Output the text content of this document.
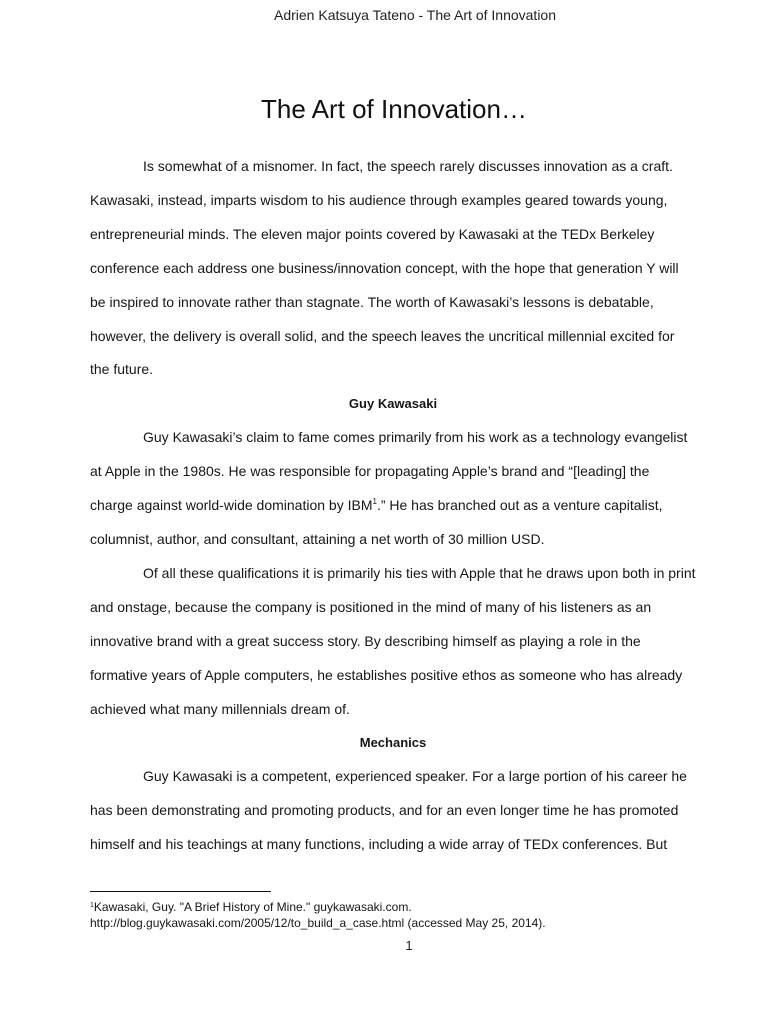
Adrien Katsuya Tateno - The Art of Innovation
The Art of Innovation…

Is somewhat of a misnomer. In fact, the speech rarely discusses innovation as a craft. Kawasaki, instead, imparts wisdom to his audience through examples geared towards young, entrepreneurial minds. The eleven major points covered by Kawasaki at the TEDx Berkeley conference each address one business/innovation concept, with the hope that generation Y will be inspired to innovate rather than stagnate. The worth of Kawasaki’s lessons is debatable, however, the delivery is overall solid, and the speech leaves the uncritical millennial excited for the future.

Guy Kawasaki

Guy Kawasaki’s claim to fame comes primarily from his work as a technology evangelist at Apple in the 1980s. He was responsible for propagating Apple’s brand and “[leading] the charge against world-wide domination by IBM$^1$.” He has branched out as a venture capitalist, columnist, author, and consultant, attaining a net worth of 30 million USD.

Of all these qualifications it is primarily his ties with Apple that he draws upon both in print and onstage, because the company is positioned in the mind of many of his listeners as an innovative brand with a great success story. By describing himself as playing a role in the formative years of Apple computers, he establishes positive ethos as someone who has already achieved what many millennials dream of.

Mechanics

Guy Kawasaki is a competent, experienced speaker. For a large portion of his career he has been demonstrating and promoting products, and for an even longer time he has promoted himself and his teachings at many functions, including a wide array of TEDx conferences. But

$^1$Kawasaki, Guy. "A Brief History of Mine." guykawasaki.com.
http://blog.guykawasaki.com/2005/12/to_build_a_case.html (accessed May 25, 2014).
1
